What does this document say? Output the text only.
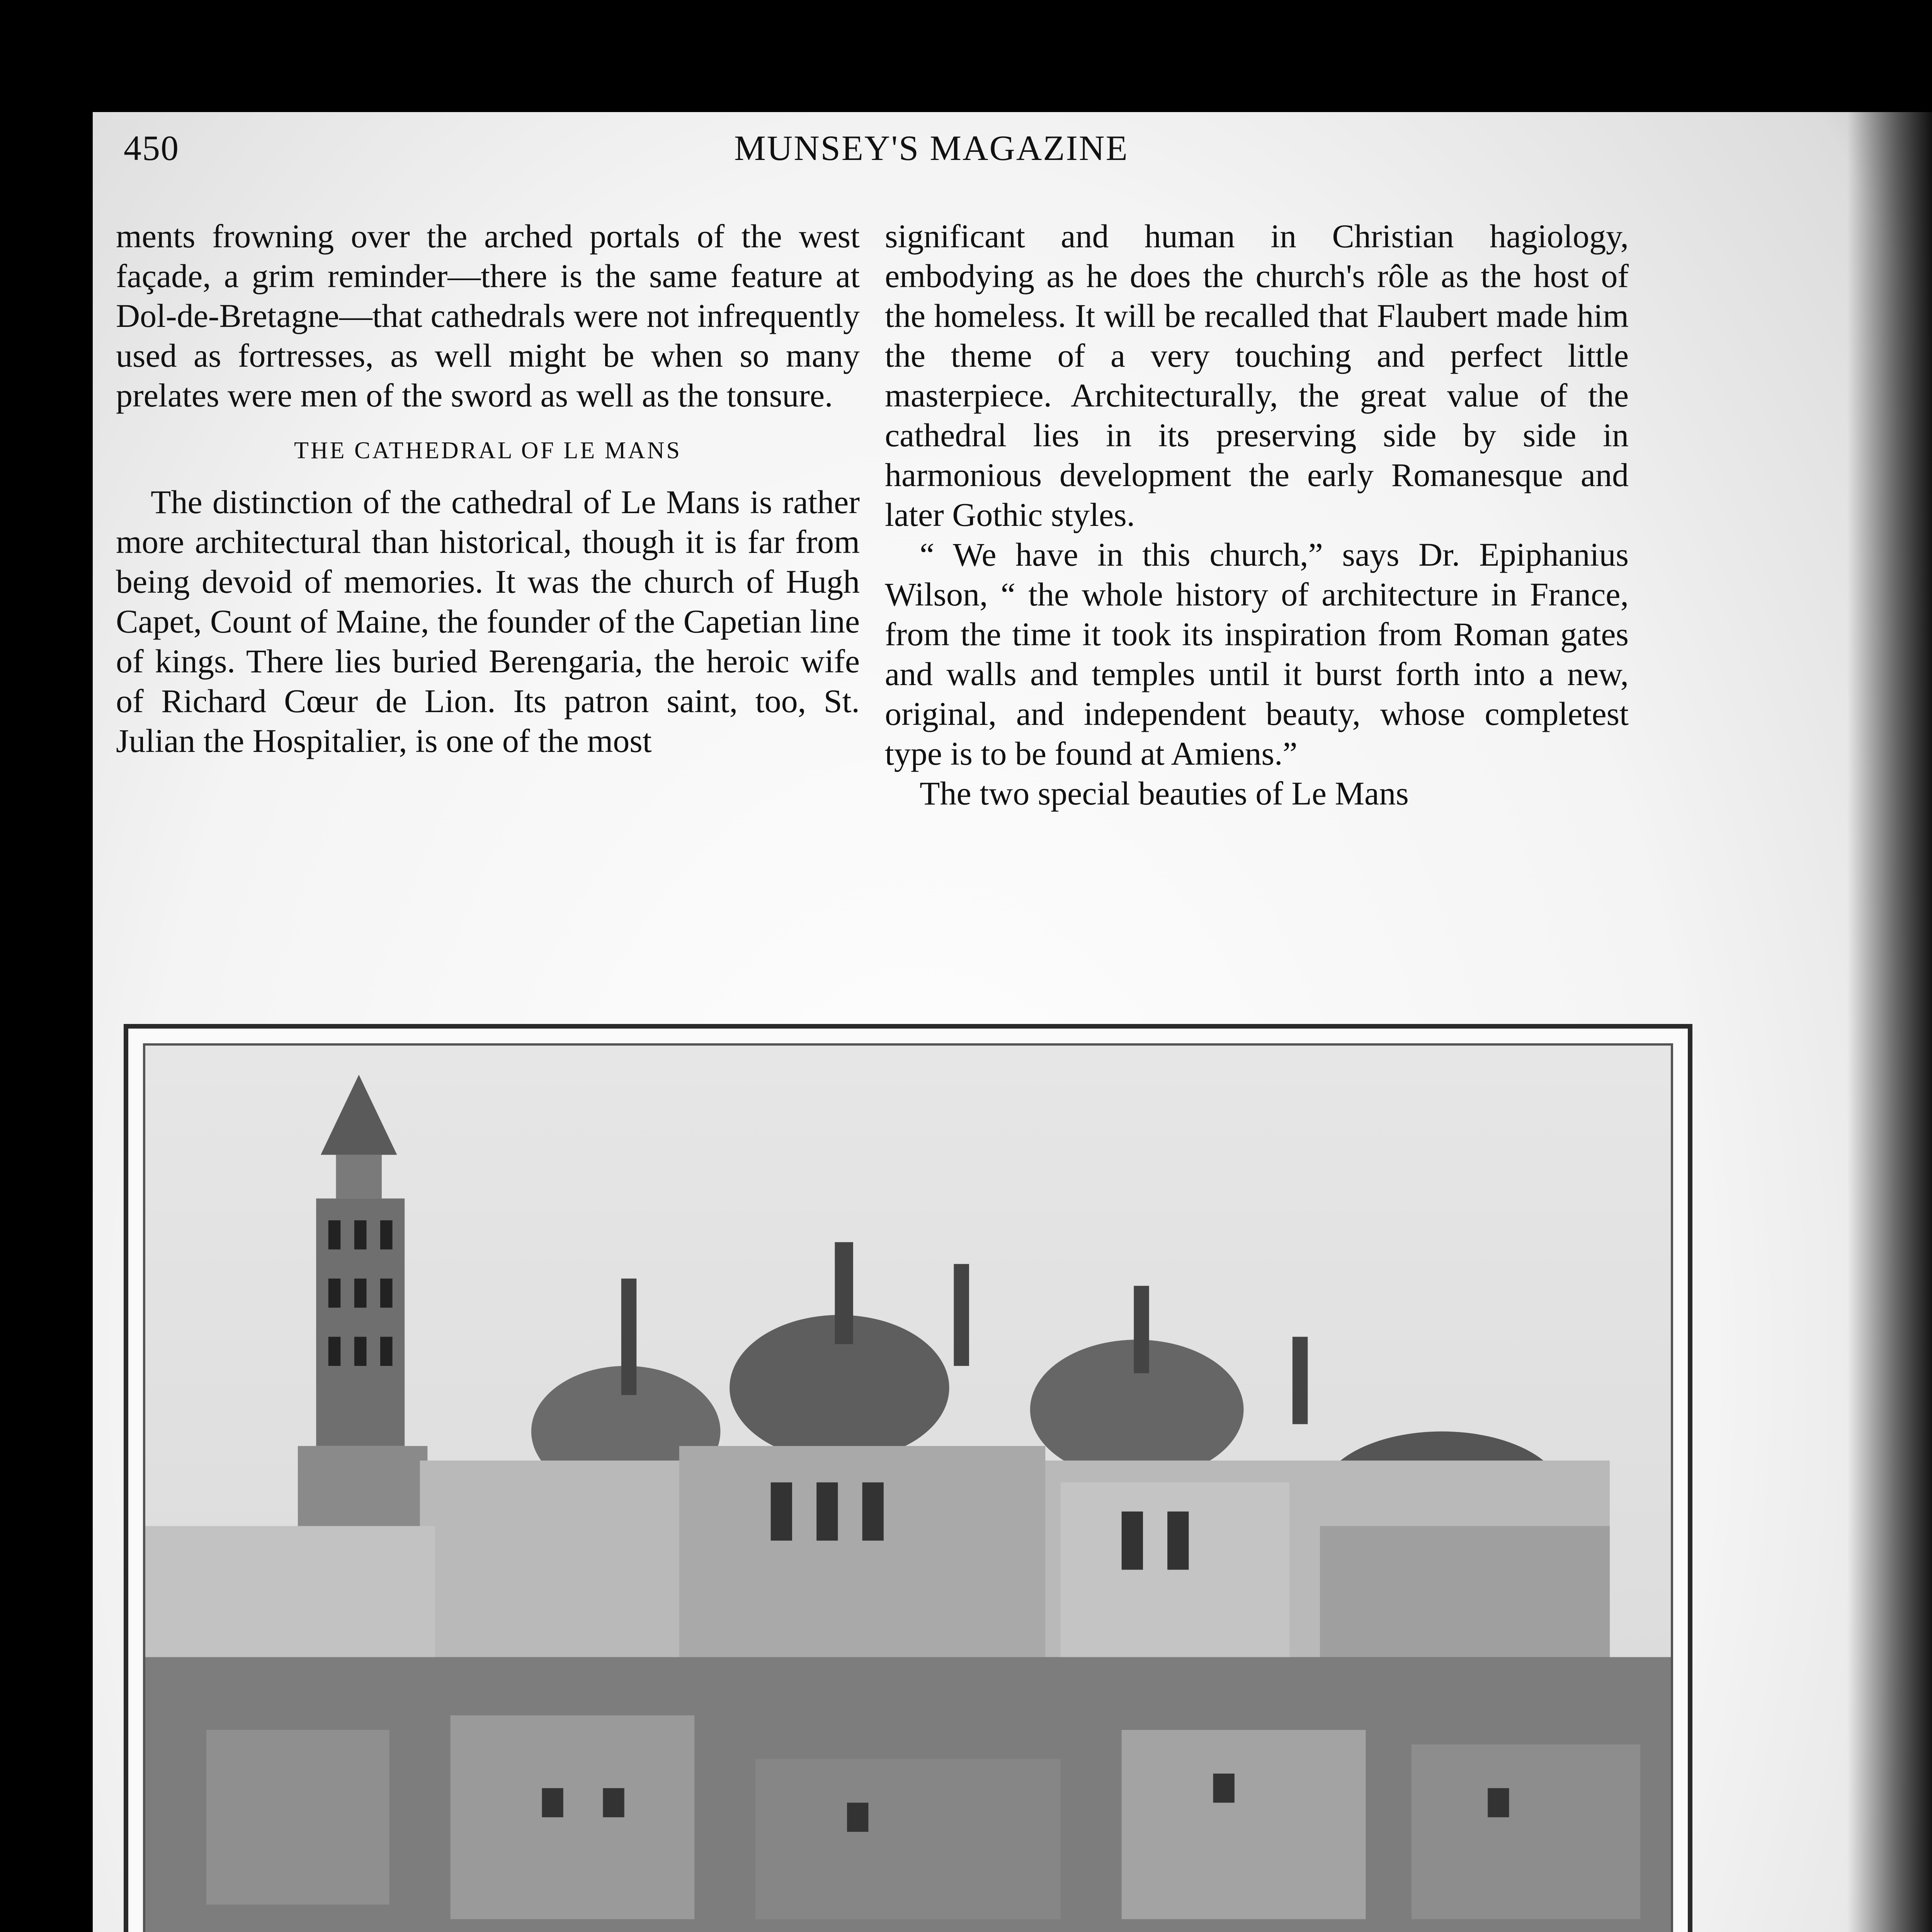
450	MUNSEY'S MAGAZINE

ments frowning over the arched portals of the west façade, a grim reminder—there is the same feature at Dol-de-Bretagne—that cathedrals were not infrequently used as fortresses, as well might be when so many prelates were men of the sword as well as the tonsure.

THE CATHEDRAL OF LE MANS

The distinction of the cathedral of Le Mans is rather more architectural than historical, though it is far from being devoid of memories. It was the church of Hugh Capet, Count of Maine, the founder of the Capetian line of kings. There lies buried Berengaria, the heroic wife of Richard Cœur de Lion. Its patron saint, too, St. Julian the Hospitalier, is one of the most

significant and human in Christian hagiology, embodying as he does the church's rôle as the host of the homeless. It will be recalled that Flaubert made him the theme of a very touching and perfect little masterpiece. Architecturally, the great value of the cathedral lies in its preserving side by side in harmonious development the early Romanesque and later Gothic styles.

“ We have in this church,” says Dr. Epiphanius Wilson, “ the whole history of architecture in France, from the time it took its inspiration from Roman gates and walls and temples until it burst forth into a new, original, and independent beauty, whose completest type is to be found at Amiens.”

The two special beauties of Le Mans
